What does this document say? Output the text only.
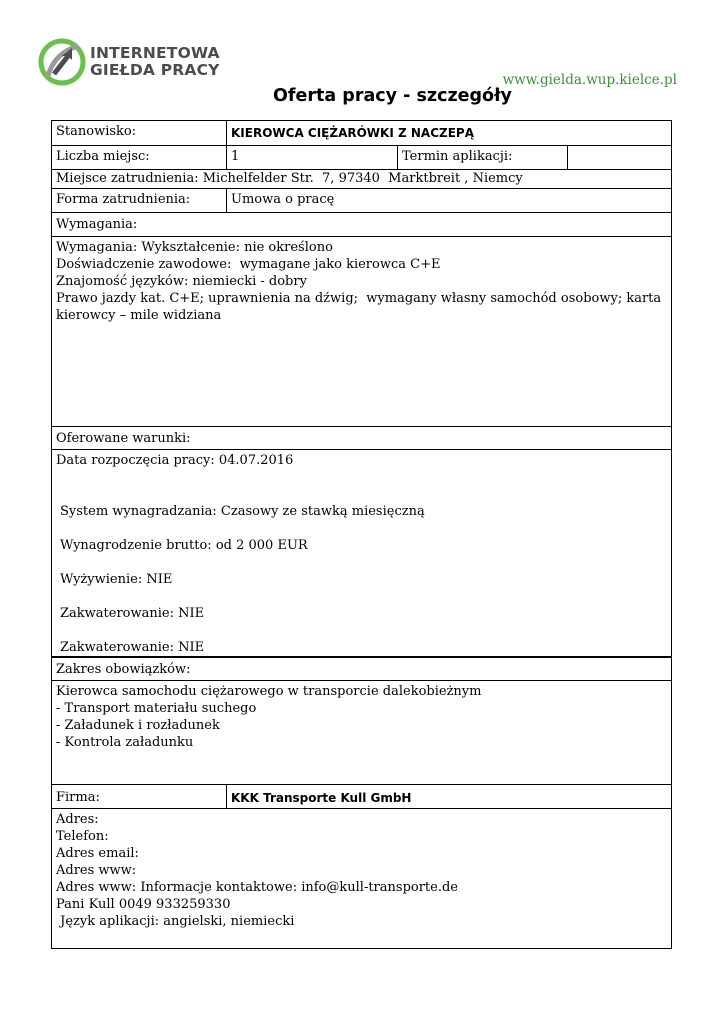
INTERNETOWA
GIEŁDA PRACY
www.gielda.wup.kielce.pl
Oferta pracy - szczegóły
Stanowisko:	KIEROWCA CIĘŻARÓWKI Z NACZEPĄ
Liczba miejsc:	1	Termin aplikacji:
Miejsce zatrudnienia: Michelfelder Str.  7, 97340  Marktbreit , Niemcy
Forma zatrudnienia:	Umowa o pracę
Wymagania:
Wymagania: Wykształcenie: nie określono
Doświadczenie zawodowe:  wymagane jako kierowca C+E
Znajomość języków: niemiecki - dobry
Prawo jazdy kat. C+E; uprawnienia na dźwig;  wymagany własny samochód osobowy; karta
kierowcy – mile widziana
Oferowane warunki:
Data rozpoczęcia pracy: 04.07.2016
System wynagradzania: Czasowy ze stawką miesięczną
Wynagrodzenie brutto: od 2 000 EUR
Wyżywienie: NIE
Zakwaterowanie: NIE
Zakwaterowanie: NIE
Zakres obowiązków:
Kierowca samochodu ciężarowego w transporcie dalekobieżnym
- Transport materiału suchego
- Załadunek i rozładunek
- Kontrola załadunku
Firma:	KKK Transporte Kull GmbH
Adres:
Telefon:
Adres email:
Adres www:
Adres www: Informacje kontaktowe: info@kull-transporte.de
Pani Kull 0049 933259330
Język aplikacji: angielski, niemiecki
